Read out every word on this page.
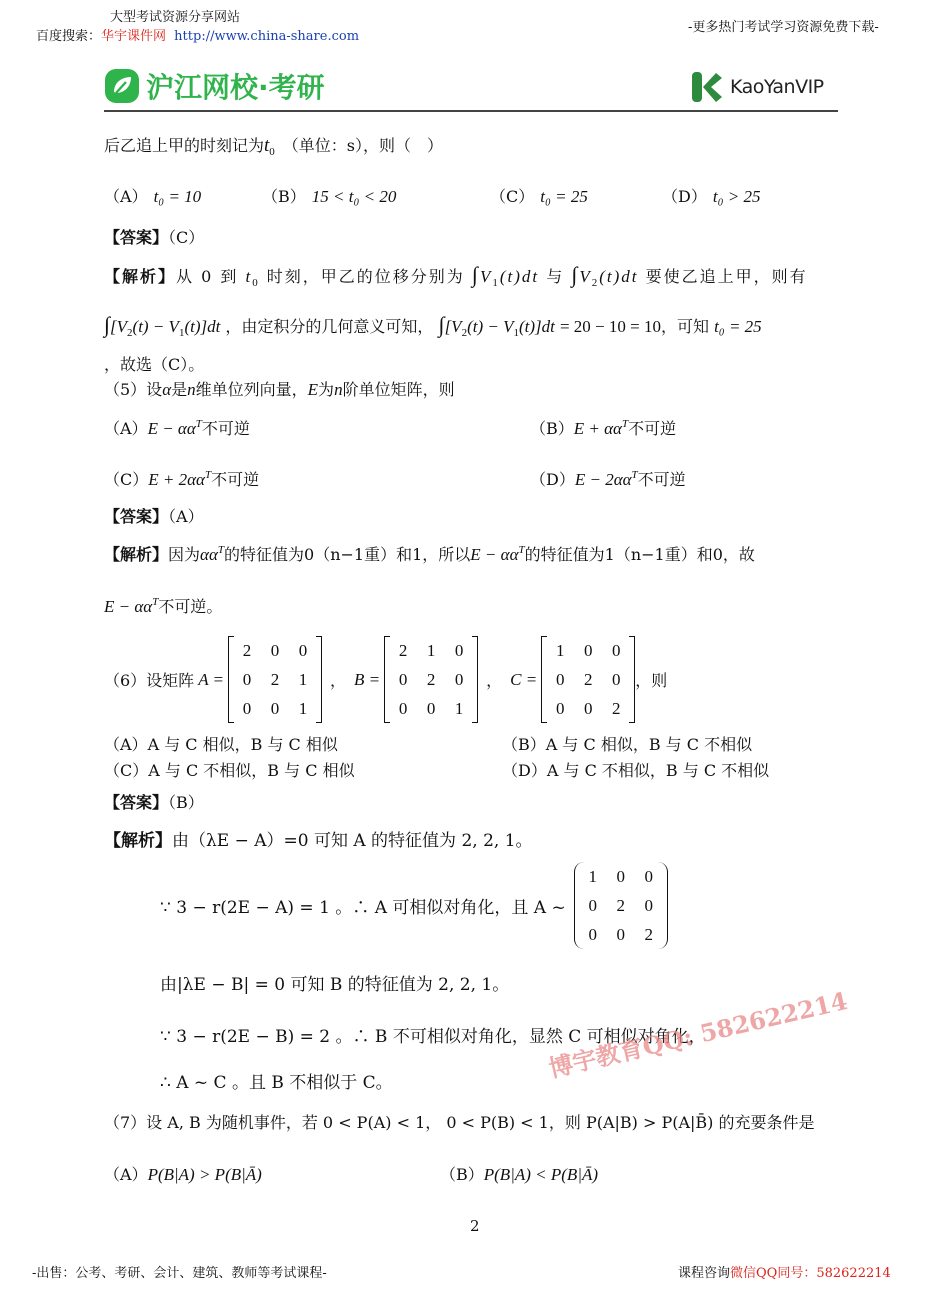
大型考试资源分享网站
百度搜索：华宇课件网 http://www.china-share.com
-更多热门考试学习资源免费下载-
沪江网校·考研	KaoYanVIP
后乙追上甲的时刻记为$t_0$ （单位：s），则（　）
（A） t₀ = 10	（B） 15 < t₀ < 20	（C） t₀ = 25	（D） t₀ > 25
【答案】（C）
【解析】从 0 到 $t_0$ 时刻，甲乙的位移分别为 $\int V_1(t)dt$ 与 $\int V_2(t)dt$ 要使乙追上甲，则有
$\int[V_2(t) - V_1(t)]dt$ ，由定积分的几何意义可知， $\int[V_2(t) - V_1(t)]dt = 20 - 10 = 10$，可知 t₀ = 25
，故选（C）。
（5）设α是n维单位列向量，E为n阶单位矩阵，则
$(A)E - \alpha\alpha^T$不可逆	$(B)E + \alpha\alpha^T$不可逆
$(C)E + 2\alpha\alpha^T$不可逆	$(D)E - 2\alpha\alpha^T$不可逆
【答案】（A）
【解析】因为$\alpha\alpha^T$的特征值为0（n−1重）和1，所以$E - \alpha\alpha^T$的特征值为1（n−1重）和0，故
$E - \alpha\alpha^T$不可逆。
（6）设矩阵 A =
2	0	0
0	2	1
0	0	1
， B =
2	1	0
0	2	0
0	0	1
， C =
1	0	0
0	2	0
0	0	2
，则
（A）A 与 C 相似，B 与 C 相似	（B）A 与 C 相似，B 与 C 不相似
（C）A 与 C 不相似，B 与 C 相似	（D）A 与 C 不相似，B 与 C 不相似
【答案】（B）
【解析】由（λE − A）=0 可知 A 的特征值为 2, 2, 1。
∵ 3 − r(2E − A) = 1 。∴ A 可相似对角化，且 A ~
1	0	0
0	2	0
0	0	2
由|λE − B| = 0 可知 B 的特征值为 2, 2, 1。
∵ 3 − r(2E − B) = 2 。∴ B 不可相似对角化，显然 C 可相似对角化，
∴ A ~ C 。且 B 不相似于 C。
博宇教育QQ: 582622214
（7）设 A, B 为随机事件，若 0 < P(A) < 1， 0 < P(B) < 1，则 P(A|B) > P(A|B̄) 的充要条件是
（A）P(B|A) > P(B|Ā)	（B）P(B|A) < P(B|Ā)
2
-出售：公考、考研、会计、建筑、教师等考试课程-	课程咨询微信QQ同号：582622214
